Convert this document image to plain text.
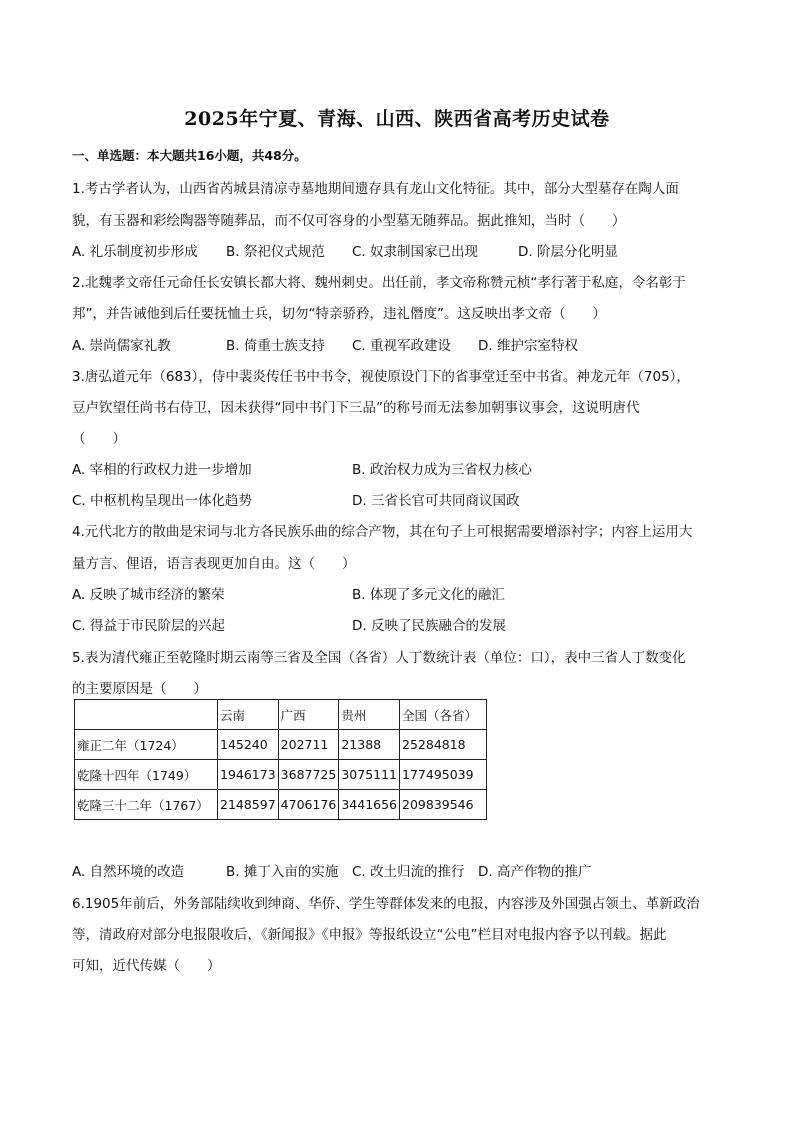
2025年宁夏、青海、山西、陕西省高考历史试卷
一、单选题：本大题共16小题，共48分。
1.考古学者认为，山西省芮城县清凉寺墓地期间遗存具有龙山文化特征。其中，部分大型墓存在陶人面
貌，有玉器和彩绘陶器等随葬品，而不仅可容身的小型墓无随葬品。据此推知，当时（　　）
A. 礼乐制度初步形成 B. 祭祀仪式规范 C. 奴隶制国家已出现	D. 阶层分化明显
2.北魏孝文帝任元命任长安镇长都大将、魏州刺史。出任前，孝文帝称赞元桢“孝行著于私庭，令名彰于
邦”，并告诫他到后任要抚恤士兵，切勿“特亲骄矜，违礼僭度”。这反映出孝文帝（　　）
A. 崇尚儒家礼教	B. 倚重士族支持 C. 重视军政建设 D. 维护宗室特权
3.唐弘道元年（683），侍中裴炎传任书中书令，视使原设门下的省事堂迁至中书省。神龙元年（705），
豆卢钦望任尚书右侍卫，因未获得“同中书门下三品”的称号而无法参加朝事议事会，这说明唐代
（　　）
A. 宰相的行政权力进一步增加	B. 政治权力成为三省权力核心
C. 中枢机构呈现出一体化趋势	D. 三省长官可共同商议国政
4.元代北方的散曲是宋词与北方各民族乐曲的综合产物，其在句子上可根据需要增添衬字；内容上运用大
量方言、俚语，语言表现更加自由。这（　　）
A. 反映了城市经济的繁荣	B. 体现了多元文化的融汇
C. 得益于市民阶层的兴起	D. 反映了民族融合的发展
5.表为清代雍正至乾隆时期云南等三省及全国（各省）人丁数统计表（单位：口），表中三省人丁数变化
的主要原因是（　　）
	云南	广西	贵州	全国（各省）
雍正二年（1724）	145240	202711	21388	25284818
乾隆十四年（1749）	1946173	3687725	3075111	177495039
乾隆三十二年（1767）	2148597	4706176	3441656	209839546
A. 自然环境的改造	B. 摊丁入亩的实施 C. 改土归流的推行 D. 高产作物的推广
6.1905年前后，外务部陆续收到绅商、华侨、学生等群体发来的电报，内容涉及外国强占领土、革新政治
等，清政府对部分电报限收后，《新闻报》《申报》等报纸设立“公电”栏目对电报内容予以刊载。据此
可知，近代传媒（　　）
